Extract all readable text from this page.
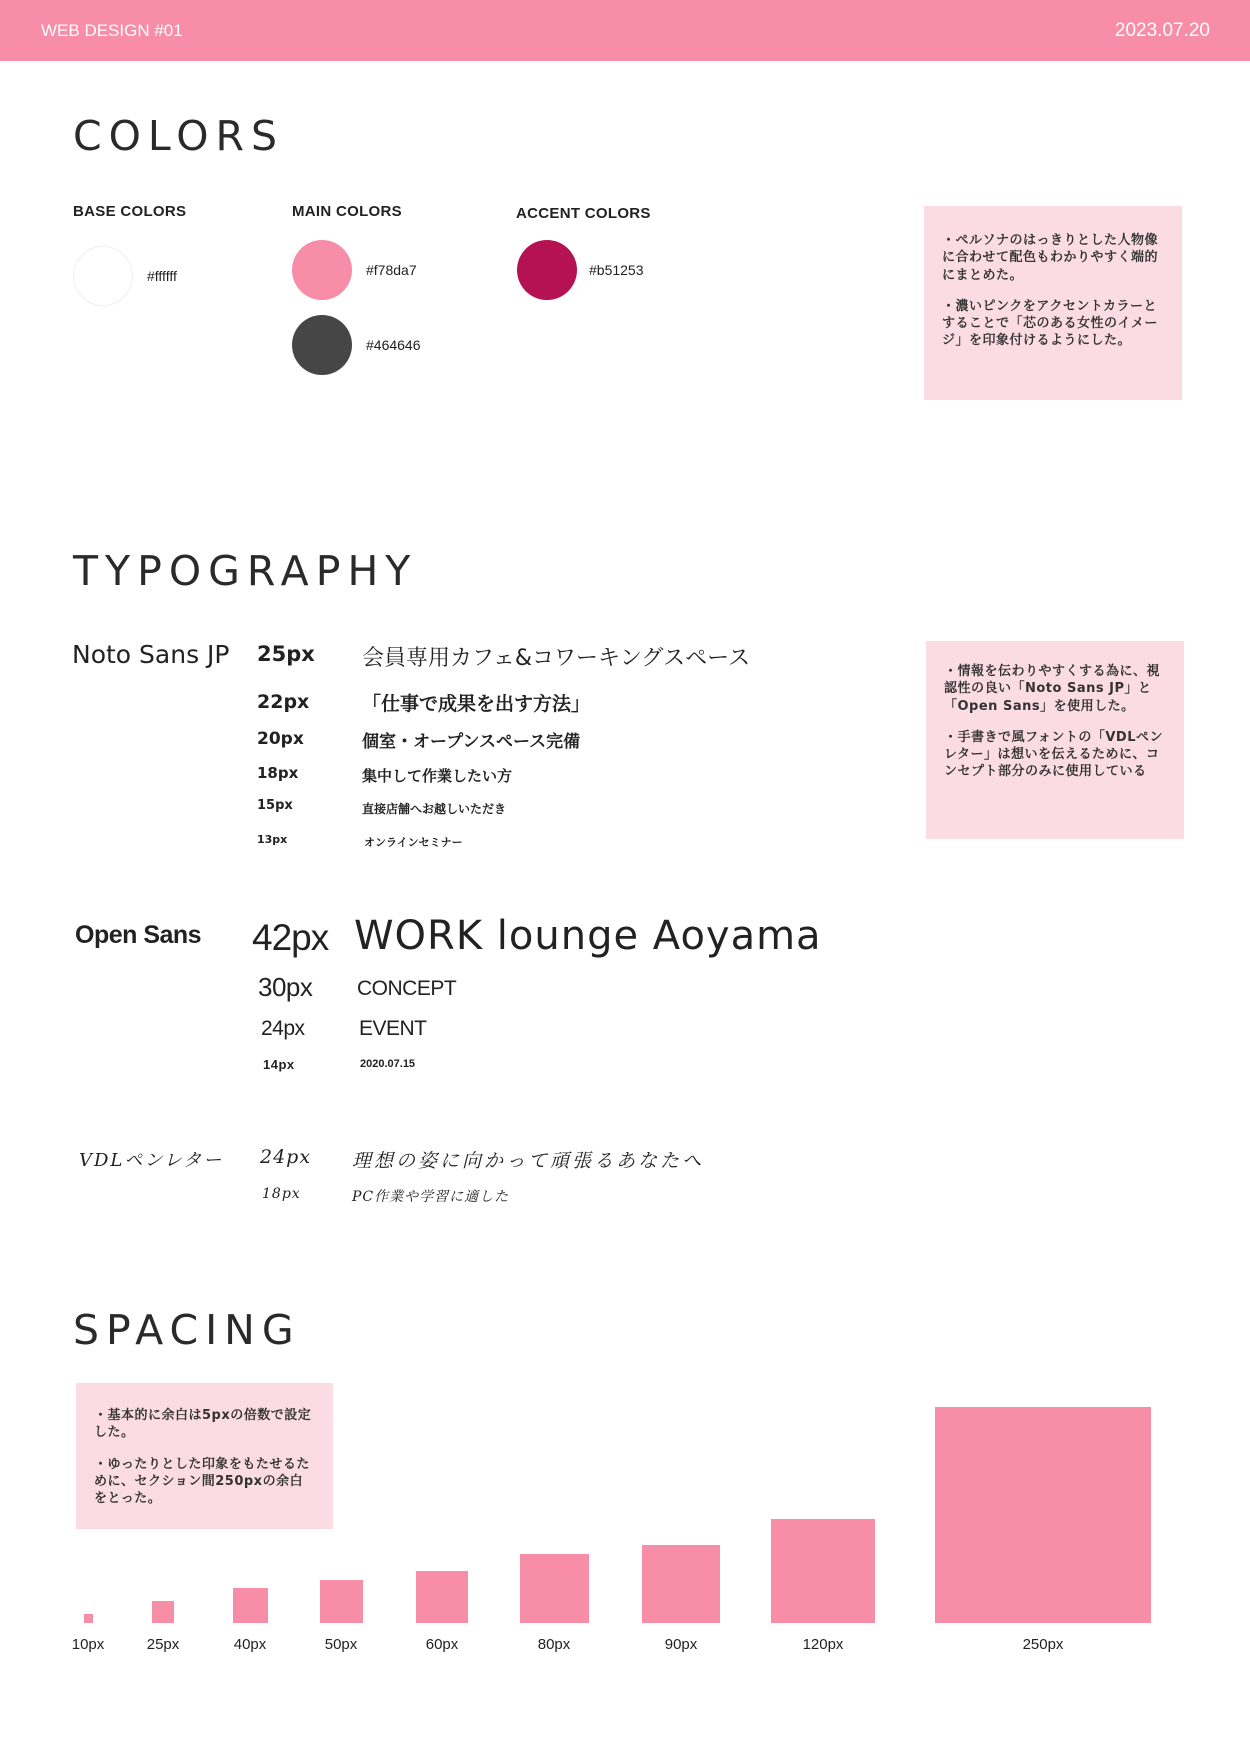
WEB DESIGN #01	2023.07.20
COLORS
BASE COLORS	MAIN COLORS	ACCENT COLORS
#ffffff	#f78da7
#464646
#b51253

・ペルソナのはっきりとした人物像に合わせて配色もわかりやすく端的にまとめた。

・濃いピンクをアクセントカラーとすることで「芯のある女性のイメージ」を印象付けるようにした。

TYPOGRAPHY

・情報を伝わりやすくする為に、視認性の良い「Noto Sans JP」と「Open Sans」を使用した。

・手書きで風フォントの「VDLペンレター」は想いを伝えるために、コンセプト部分のみに使用している

Noto Sans JP 25px 会員専用カフェ&コワーキングスペース
22px	「仕事で成果を出す方法」
20px	個室・オープンスペース完備
18px	集中して作業したい方
15px	直接店舗へお越しいただき
13px	オンラインセミナー
Open Sans 42px WORK lounge Aoyama
30px CONCEPT
24px	EVENT
14px	2020.07.15
VDLペンレター 24px 理想の姿に向かって頑張るあなたへ
18px	PC作業や学習に適した
SPACING

・基本的に余白は5pxの倍数で設定した。

・ゆったりとした印象をもたせるために、セクション間250pxの余白をとった。

10px	25px	40px	50px	60px	80px	90px	120px	250px
